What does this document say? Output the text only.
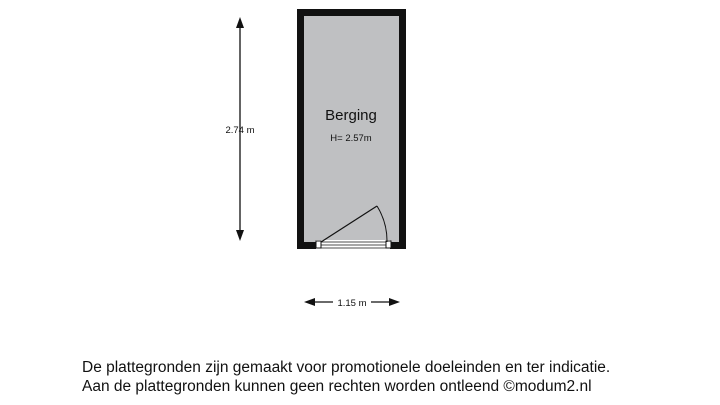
Berging
H= 2.57m
2.74 m
1.15 m
De plattegronden zijn gemaakt voor promotionele doeleinden en ter indicatie.
Aan de plattegronden kunnen geen rechten worden ontleend ©modum2.nl
